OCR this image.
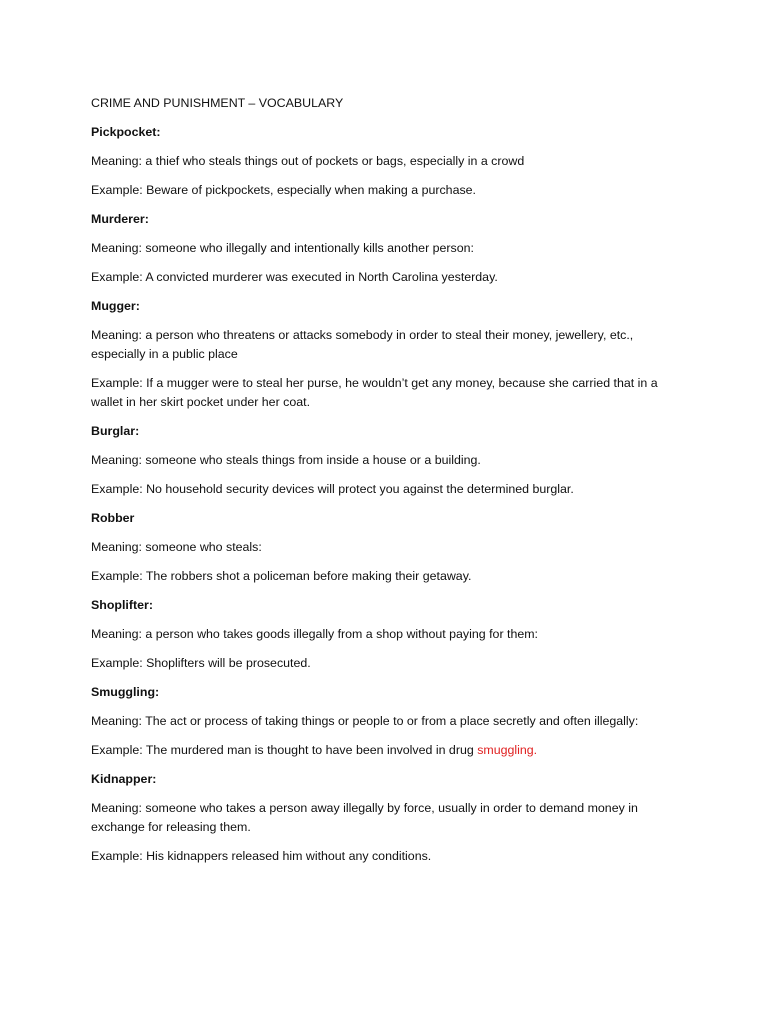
CRIME AND PUNISHMENT – VOCABULARY

Pickpocket:

Meaning: a thief who steals things out of pockets or bags, especially in a crowd

Example: Beware of pickpockets, especially when making a purchase.

Murderer:

Meaning: someone who illegally and intentionally kills another person:

Example: A convicted murderer was executed in North Carolina yesterday.

Mugger:

Meaning: a person who threatens or attacks somebody in order to steal their money, jewellery, etc., especially in a public place

Example: If a mugger were to steal her purse, he wouldn’t get any money, because she carried that in a wallet in her skirt pocket under her coat.

Burglar:

Meaning: someone who steals things from inside a house or a building.

Example: No household security devices will protect you against the determined burglar.

Robber

Meaning: someone who steals:

Example: The robbers shot a policeman before making their getaway.

Shoplifter:

Meaning: a person who takes goods illegally from a shop without paying for them:

Example: Shoplifters will be prosecuted.

Smuggling:

Meaning: The act or process of taking things or people to or from a place secretly and often illegally:

Example: The murdered man is thought to have been involved in drug smuggling.

Kidnapper:

Meaning: someone who takes a person away illegally by force, usually in order to demand money in exchange for releasing them.

Example: His kidnappers released him without any conditions.
